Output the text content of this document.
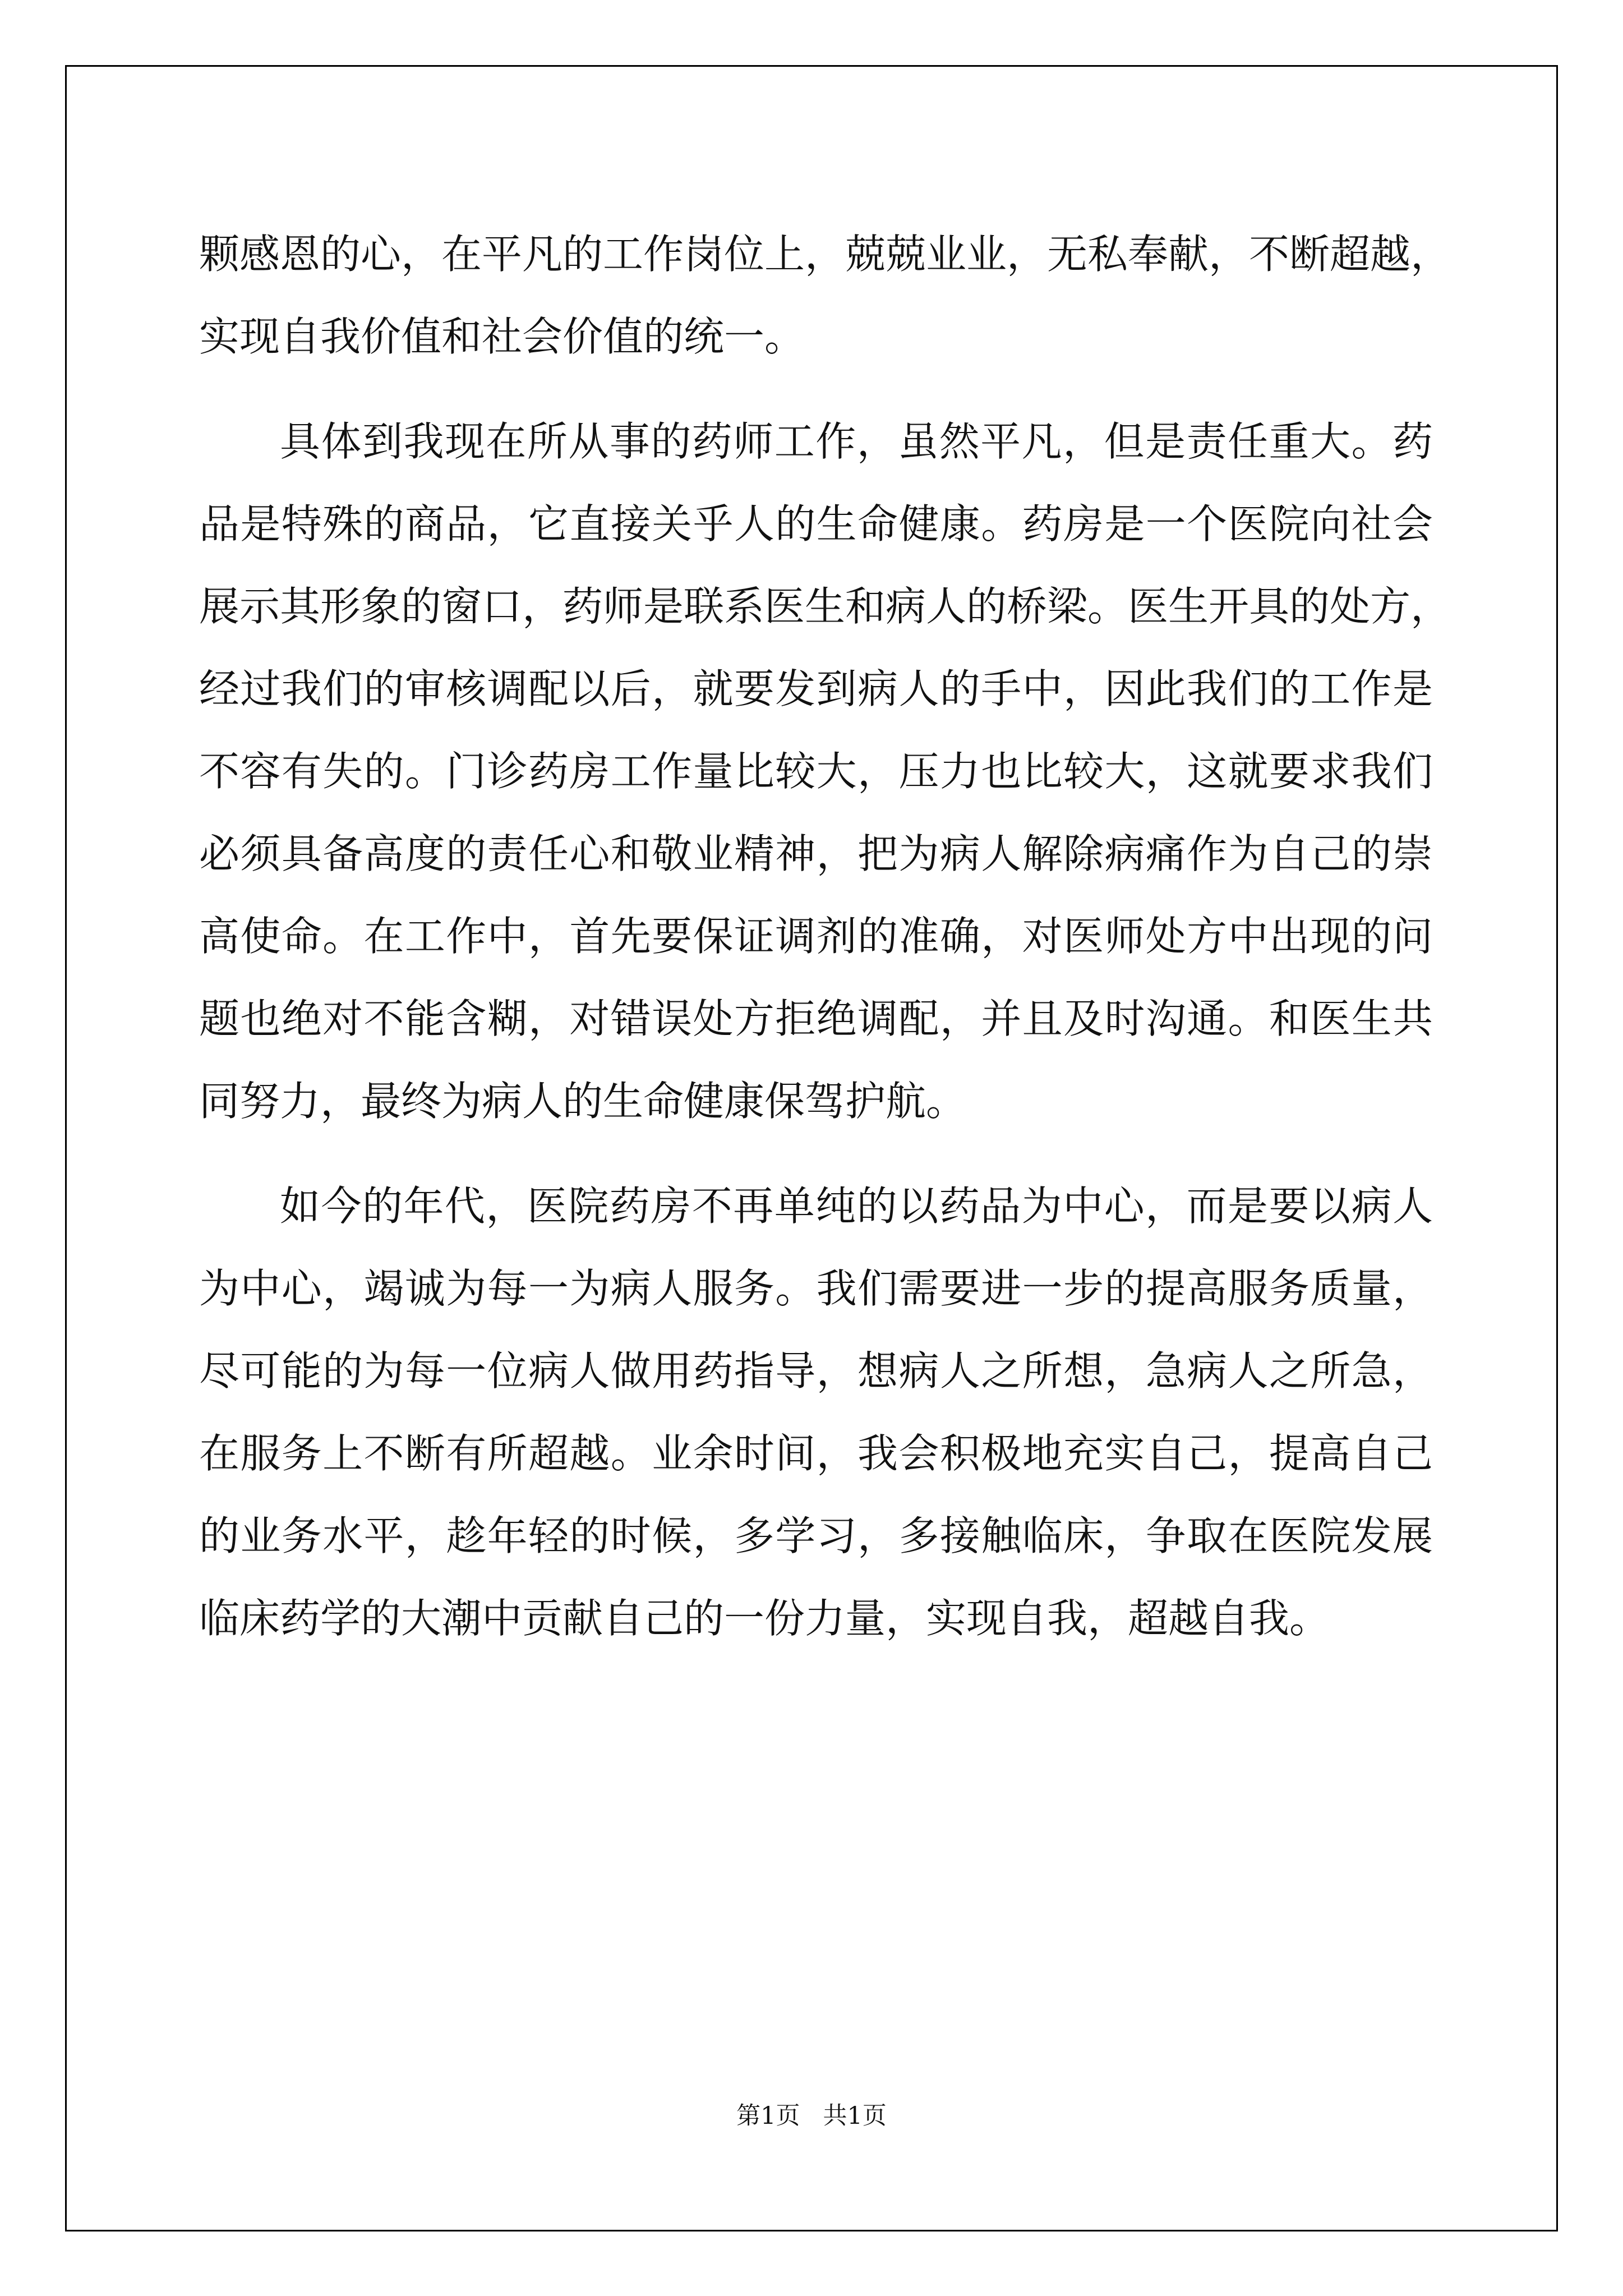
颗感恩的心，在平凡的工作岗位上，兢兢业业，无私奉献，不断超越，

实现自我价值和社会价值的统一。

具体到我现在所从事的药师工作，虽然平凡，但是责任重大。药

品是特殊的商品，它直接关乎人的生命健康。药房是一个医院向社会

展示其形象的窗口，药师是联系医生和病人的桥梁。医生开具的处方，

经过我们的审核调配以后，就要发到病人的手中，因此我们的工作是

不容有失的。门诊药房工作量比较大，压力也比较大，这就要求我们

必须具备高度的责任心和敬业精神，把为病人解除病痛作为自己的崇

高使命。在工作中，首先要保证调剂的准确，对医师处方中出现的问

题也绝对不能含糊，对错误处方拒绝调配，并且及时沟通。和医生共

同努力，最终为病人的生命健康保驾护航。

如今的年代，医院药房不再单纯的以药品为中心，而是要以病人

为中心，竭诚为每一为病人服务。我们需要进一步的提高服务质量，

尽可能的为每一位病人做用药指导，想病人之所想，急病人之所急，

在服务上不断有所超越。业余时间，我会积极地充实自己，提高自己

的业务水平，趁年轻的时候，多学习，多接触临床，争取在医院发展

临床药学的大潮中贡献自己的一份力量，实现自我，超越自我。

第1页   共1页
